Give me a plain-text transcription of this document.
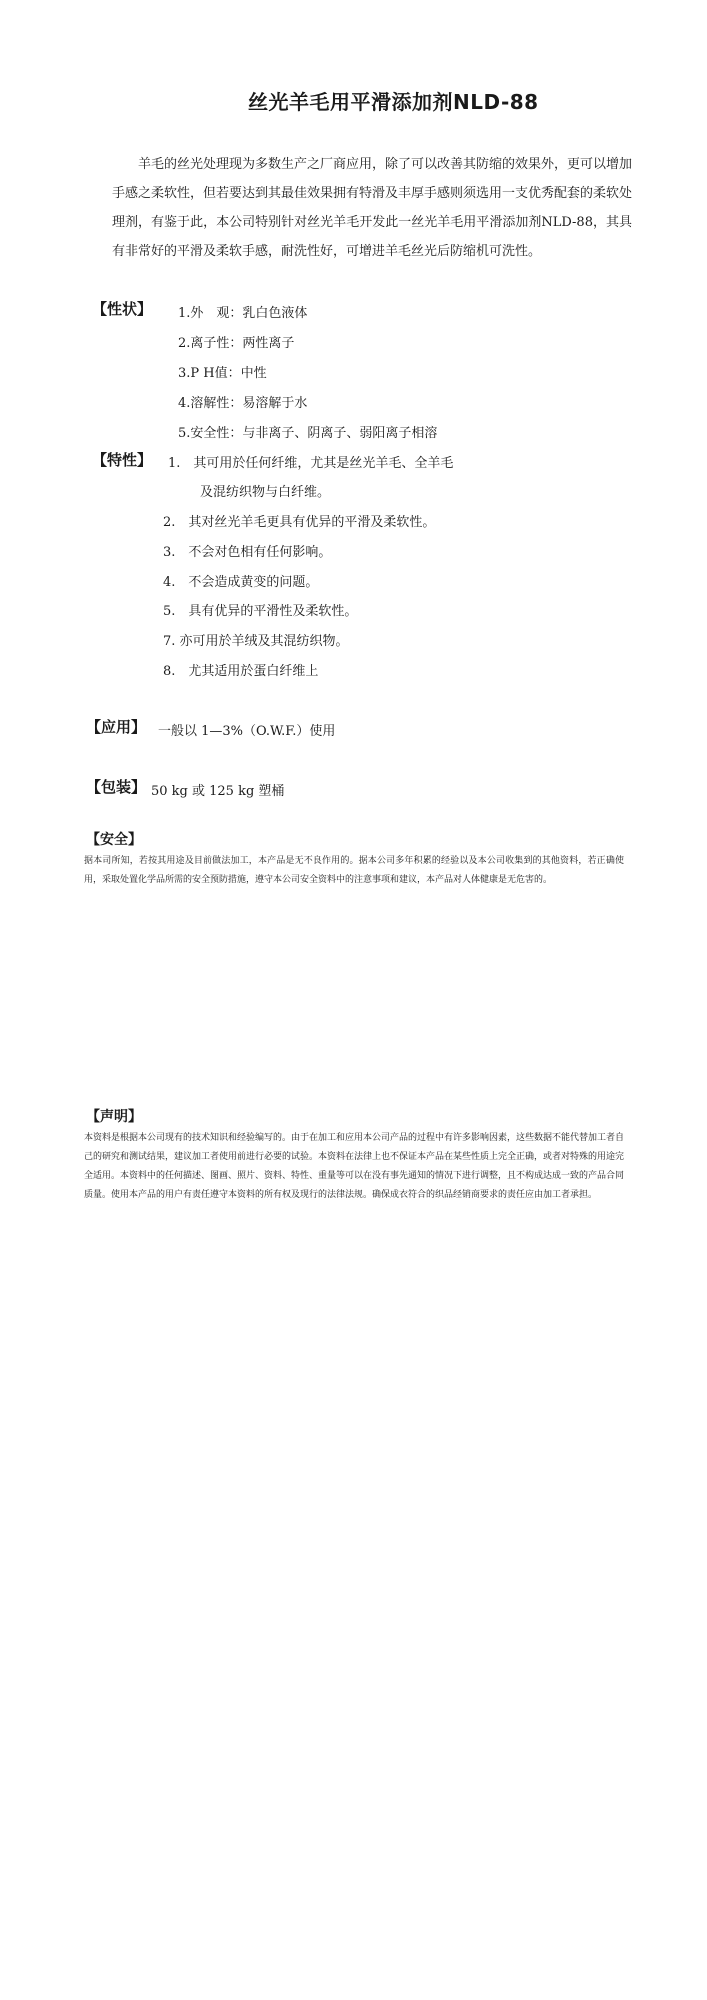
丝光羊毛用平滑添加剂NLD-88
羊毛的丝光处理现为多数生产之厂商应用，除了可以改善其防缩的效果外，更可以增加手感之柔软性，但若要达到其最佳效果拥有特滑及丰厚手感则须选用一支优秀配套的柔软处理剂，有鉴于此，本公司特别针对丝光羊毛开发此一丝光羊毛用平滑添加剂NLD-88，其具有非常好的平滑及柔软手感，耐洗性好，可增进羊毛丝光后防缩机可洗性。
【性状】 1.外　观：乳白色液体
2.离子性：两性离子
3.P H值：中性
4.溶解性：易溶解于水
5.安全性：与非离子、阴离子、弱阳离子相溶
【特性】 1.　其可用於任何纤维，尤其是丝光羊毛、全羊毛
及混纺织物与白纤维。
2.　其对丝光羊毛更具有优异的平滑及柔软性。
3.　不会对色相有任何影响。
4.　不会造成黄变的问题。
5.　具有优异的平滑性及柔软性。
7. 亦可用於羊绒及其混纺织物。
8.　尤其适用於蛋白纤维上
【应用】 一般以 1—3%（O.W.F.）使用
【包装】 50 kg 或 125 kg 塑桶
【安全】
据本司所知，若按其用途及目前做法加工，本产品是无不良作用的。据本公司多年积累的经验以及本公司收集到的其他资料，若正确使用，采取处置化学品所需的安全预防措施，遵守本公司安全资料中的注意事项和建议，本产品对人体健康是无危害的。
【声明】
本资料是根据本公司现有的技术知识和经验编写的。由于在加工和应用本公司产品的过程中有许多影响因素，这些数据不能代替加工者自己的研究和测试结果，建议加工者使用前进行必要的试验。本资料在法律上也不保证本产品在某些性质上完全正确，或者对特殊的用途完全适用。本资料中的任何描述、图画、照片、资料、特性、重量等可以在没有事先通知的情况下进行调整，且不构成达成一致的产品合同质量。使用本产品的用户有责任遵守本资料的所有权及现行的法律法规。确保成衣符合的织品经销商要求的责任应由加工者承担。
